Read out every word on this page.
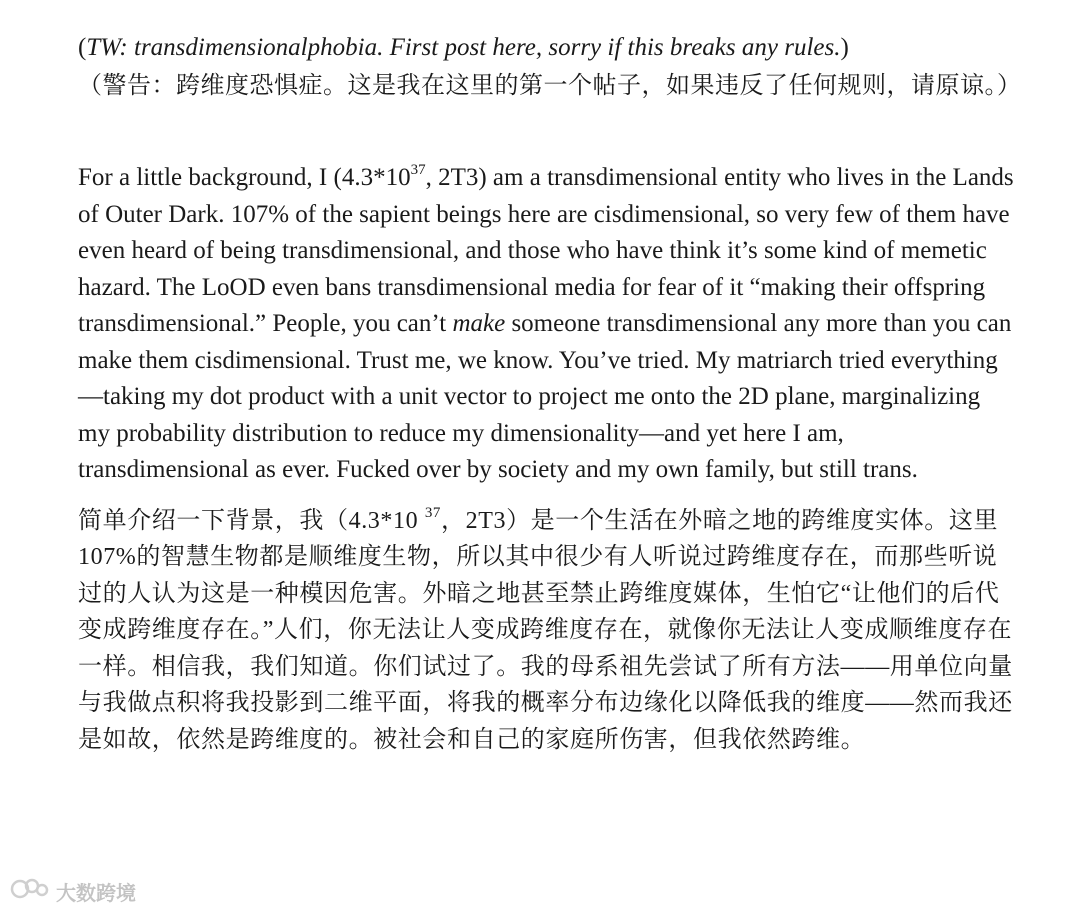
(TW: transdimensionalphobia. First post here, sorry if this breaks any rules.)

（警告：跨维度恐惧症。这是我在这里的第一个帖子，如果违反了任何规则，请原谅。）

For a little background, I ($4.3*10^{37}$, 2T3) am a transdimensional entity who lives in the Lands of Outer Dark. 107% of the sapient beings here are cisdimensional, so very few of them have even heard of being transdimensional, and those who have think it’s some kind of memetic hazard. The LoOD even bans transdimensional media for fear of it “making their offspring transdimensional.” People, you can’t make someone transdimensional any more than you can make them cisdimensional. Trust me, we know. You’ve tried. My matriarch tried everything—taking my dot product with a unit vector to project me onto the 2D plane, marginalizing my probability distribution to reduce my dimensionality—and yet here I am, transdimensional as ever. Fucked over by society and my own family, but still trans.

简单介绍一下背景，我（4.3*10 $^{37}$，2T3）是一个生活在外暗之地的跨维度实体。这里 107%的智慧生物都是顺维度生物，所以其中很少有人听说过跨维度存在，而那些听说过的人认为这是一种模因危害。外暗之地甚至禁止跨维度媒体，生怕它“让他们的后代变成跨维度存在。”人们，你无法让人变成跨维度存在，就像你无法让人变成顺维度存在一样。相信我，我们知道。你们试过了。我的母系祖先尝试了所有方法——用单位向量与我做点积将我投影到二维平面，将我的概率分布边缘化以降低我的维度——然而我还是如故，依然是跨维度的。被社会和自己的家庭所伤害，但我依然跨维。

大数跨境
